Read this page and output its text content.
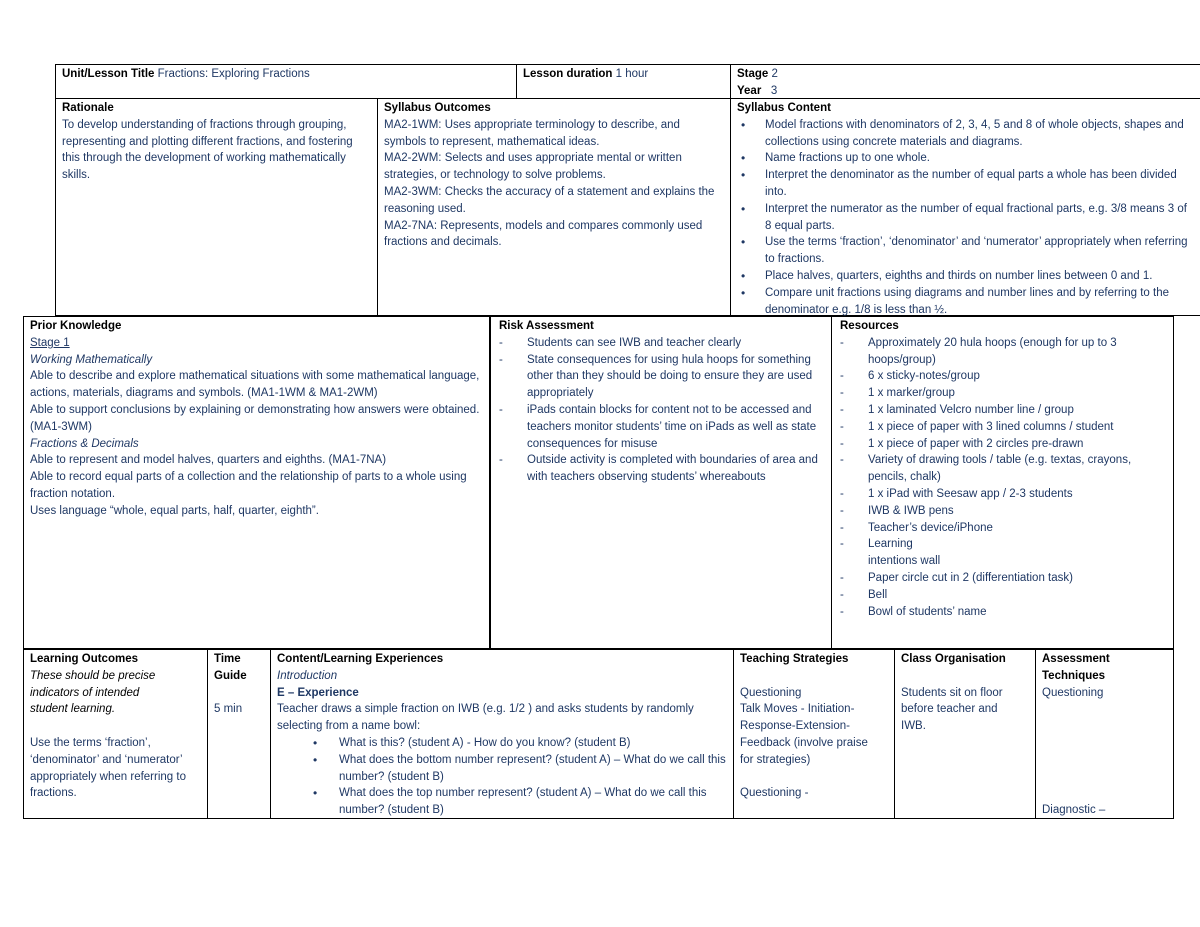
Unit/Lesson Title Fractions: Exploring Fractions	Lesson duration 1 hour	Stage 2
Year 3
Rationale
To develop understanding of fractions through grouping, representing and plotting different fractions, and fostering this through the development of working mathematically skills.
Syllabus Outcomes
MA2-1WM: Uses appropriate terminology to describe, and symbols to represent, mathematical ideas.
MA2-2WM: Selects and uses appropriate mental or written strategies, or technology to solve problems.
MA2-3WM: Checks the accuracy of a statement and explains the reasoning used.
MA2-7NA: Represents, models and compares commonly used fractions and decimals.
Syllabus Content
• Model fractions with denominators of 2, 3, 4, 5 and 8 of whole objects, shapes and collections using concrete materials and diagrams.
• Name fractions up to one whole.
• Interpret the denominator as the number of equal parts a whole has been divided into.
• Interpret the numerator as the number of equal fractional parts, e.g. 3/8 means 3 of 8 equal parts.
• Use the terms ‘fraction’, ‘denominator’ and ‘numerator’ appropriately when referring to fractions.
• Place halves, quarters, eighths and thirds on number lines between 0 and 1.
• Compare unit fractions using diagrams and number lines and by referring to the denominator e.g. 1/8 is less than ½.
Prior Knowledge
Stage 1
Working Mathematically
Able to describe and explore mathematical situations with some mathematical language, actions, materials, diagrams and symbols. (MA1-1WM & MA1-2WM)
Able to support conclusions by explaining or demonstrating how answers were obtained. (MA1-3WM)
Fractions & Decimals
Able to represent and model halves, quarters and eighths. (MA1-7NA)
Able to record equal parts of a collection and the relationship of parts to a whole using fraction notation.
Uses language “whole, equal parts, half, quarter, eighth”.
Risk Assessment
- Students can see IWB and teacher clearly
- State consequences for using hula hoops for something other than they should be doing to ensure they are used appropriately
- iPads contain blocks for content not to be accessed and teachers monitor students’ time on iPads as well as state consequences for misuse
- Outside activity is completed with boundaries of area and with teachers observing students’ whereabouts
Resources
- Approximately 20 hula hoops (enough for up to 3 hoops/group)
- 6 x sticky-notes/group
- 1 x marker/group
- 1 x laminated Velcro number line / group
- 1 x piece of paper with 3 lined columns / student
- 1 x piece of paper with 2 circles pre-drawn
- Variety of drawing tools / table (e.g. textas, crayons, pencils, chalk)
- 1 x iPad with Seesaw app / 2-3 students
- IWB & IWB pens
- Teacher’s device/iPhone
- Learning intentions wall
- Paper circle cut in 2 (differentiation task)
- Bell
- Bowl of students’ name
Learning Outcomes
These should be precise indicators of intended student learning.
Use the terms ‘fraction’, ‘denominator’ and ‘numerator’ appropriately when referring to fractions.
Time Guide
5 min
Content/Learning Experiences
Introduction
E – Experience
Teacher draws a simple fraction on IWB (e.g. 1/2 ) and asks students by randomly selecting from a name bowl:
• What is this? (student A) - How do you know? (student B)
• What does the bottom number represent? (student A) – What do we call this number? (student B)
• What does the top number represent? (student A) – What do we call this number? (student B)
Teaching Strategies
Questioning
Talk Moves - Initiation-Response-Extension-Feedback (involve praise for strategies)
Questioning -
Class Organisation
Students sit on floor before teacher and IWB.
Assessment Techniques
Questioning
Diagnostic –
